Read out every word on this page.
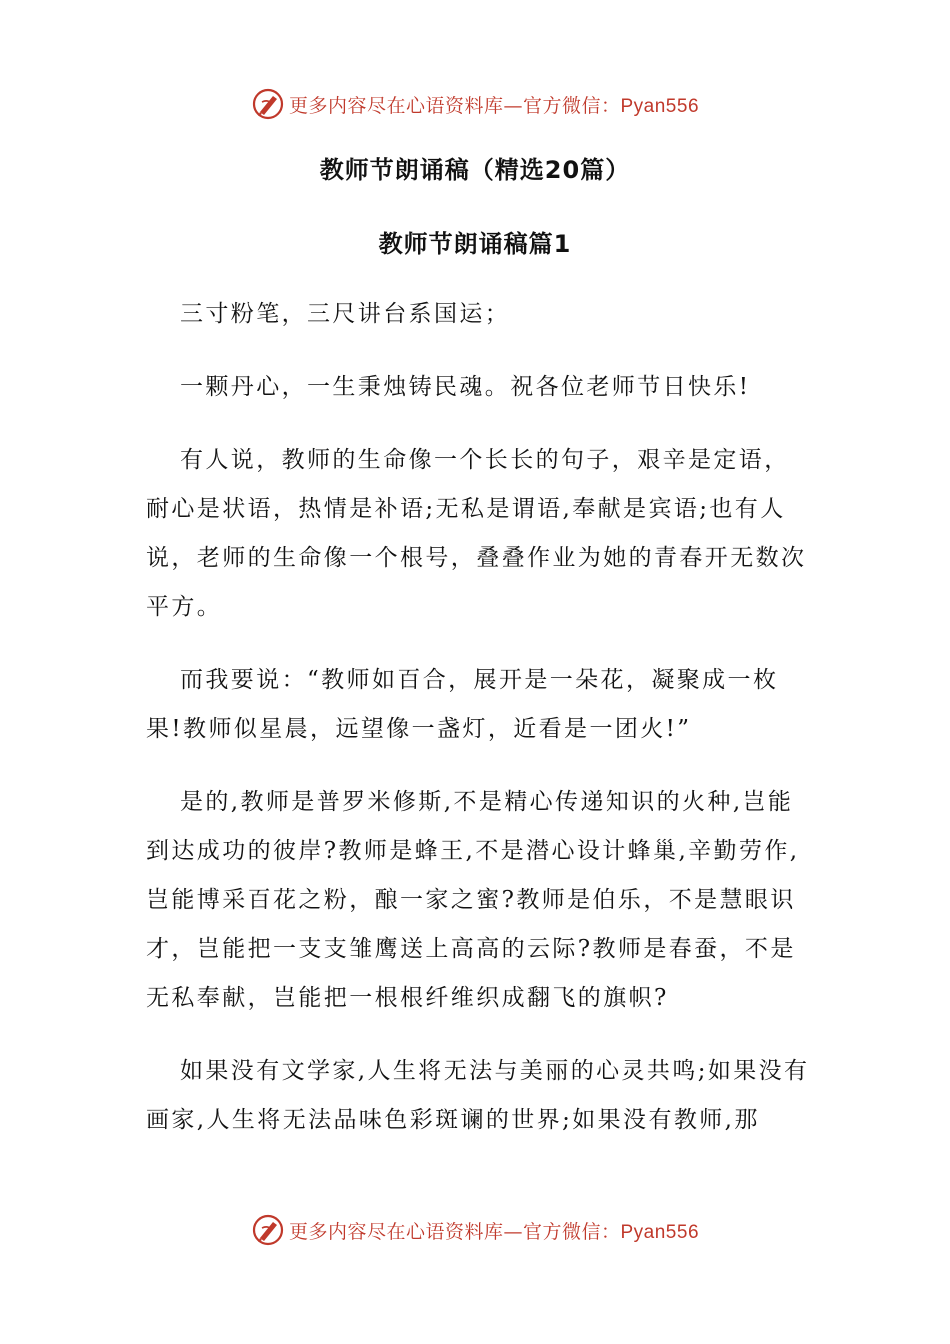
更多内容尽在心语资料库—官方微信：Pyan556
教师节朗诵稿（精选20篇）
教师节朗诵稿篇1

三寸粉笔，三尺讲台系国运；

一颗丹心，一生秉烛铸民魂。祝各位老师节日快乐!

有人说，教师的生命像一个长长的句子，艰辛是定语，耐心是状语，热情是补语;无私是谓语,奉献是宾语;也有人说，老师的生命像一个根号，叠叠作业为她的青春开无数次平方。

而我要说：“教师如百合，展开是一朵花，凝聚成一枚果!教师似星晨，远望像一盏灯，近看是一团火!”

是的,教师是普罗米修斯,不是精心传递知识的火种,岂能到达成功的彼岸?教师是蜂王,不是潜心设计蜂巢,辛勤劳作,岂能博采百花之粉，酿一家之蜜?教师是伯乐，不是慧眼识才，岂能把一支支雏鹰送上高高的云际?教师是春蚕，不是无私奉献，岂能把一根根纤维织成翻飞的旗帜?

如果没有文学家,人生将无法与美丽的心灵共鸣;如果没有画家,人生将无法品味色彩斑谰的世界;如果没有教师,那

更多内容尽在心语资料库—官方微信：Pyan556
